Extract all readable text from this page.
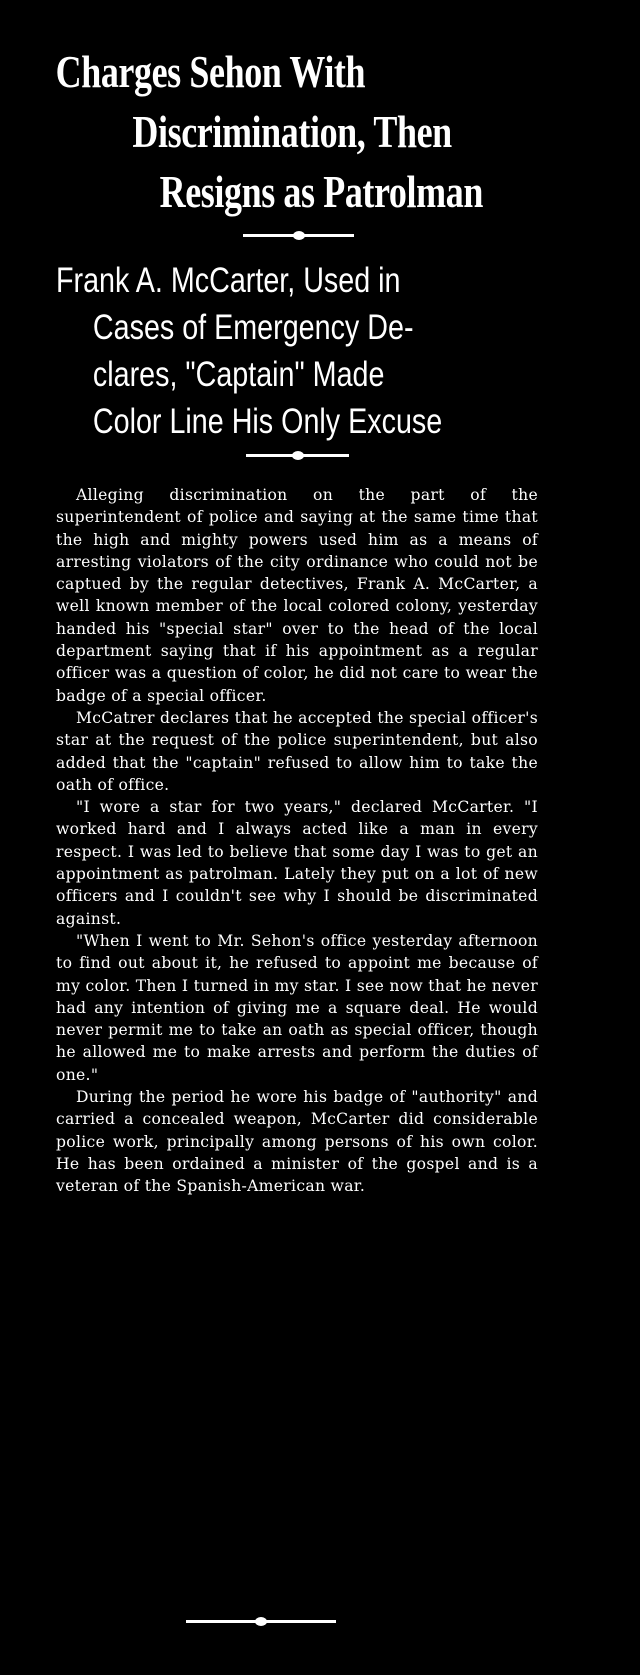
Charges Sehon With
Discrimination, Then
Resigns as Patrolman
Frank A. McCarter, Used in
Cases of Emergency De-
clares, "Captain" Made
Color Line His Only Excuse

Alleging discrimination on the part of the superintendent of police and saying at the same time that the high and mighty powers used him as a means of arresting violators of the city ordinance who could not be captued by the regular detectives, Frank A. McCarter, a well known member of the local colored colony, yesterday handed his "special star" over to the head of the local department saying that if his appointment as a regular officer was a question of color, he did not care to wear the badge of a special officer.

McCatrer declares that he accepted the special officer's star at the request of the police superintendent, but also added that the "captain" refused to allow him to take the oath of office.

"I wore a star for two years," declared McCarter. "I worked hard and I always acted like a man in every respect. I was led to believe that some day I was to get an appointment as patrolman. Lately they put on a lot of new officers and I couldn't see why I should be discriminated against.

"When I went to Mr. Sehon's office yesterday afternoon to find out about it, he refused to appoint me because of my color. Then I turned in my star. I see now that he never had any intention of giving me a square deal. He would never permit me to take an oath as special officer, though he allowed me to make arrests and perform the duties of one."

During the period he wore his badge of "authority" and carried a concealed weapon, McCarter did considerable police work, principally among persons of his own color. He has been ordained a minister of the gospel and is a veteran of the Spanish-American war.
